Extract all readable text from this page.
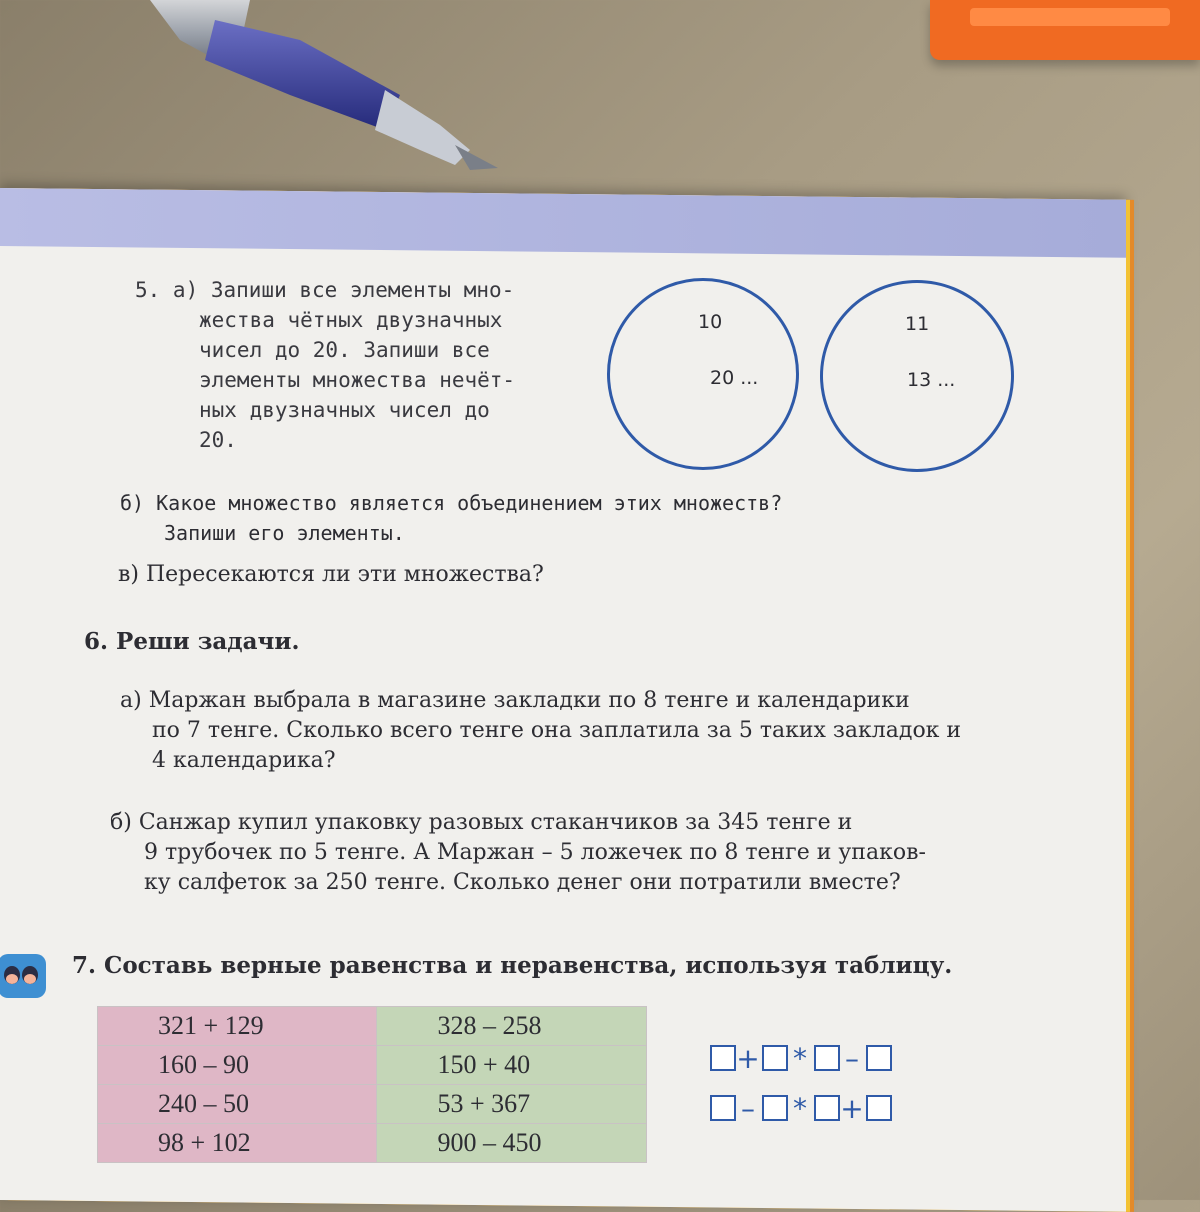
5. а) Запиши все элементы мно-
жества чётных двузначных
чисел до 20. Запиши все
элементы множества нечёт-
ных двузначных чисел до
20.
10
20 ...
11
13 ...
б) Какое множество является объединением этих множеств?
Запиши его элементы.
в) Пересекаются ли эти множества?
6. Реши задачи.
а) Маржан выбрала в магазине закладки по 8 тенге и календарики
по 7 тенге. Сколько всего тенге она заплатила за 5 таких закладок и
4 календарика?
б) Санжар купил упаковку разовых стаканчиков за 345 тенге и
9 трубочек по 5 тенге. А Маржан – 5 ложечек по 8 тенге и упаков-
ку салфеток за 250 тенге. Сколько денег они потратили вместе?
7. Составь верные равенства и неравенства, используя таблицу.
321 + 129	328 – 258
160 – 90	150 + 40
240 – 50	53 + 367
98 + 102	900 – 450
+ * –
– * +
